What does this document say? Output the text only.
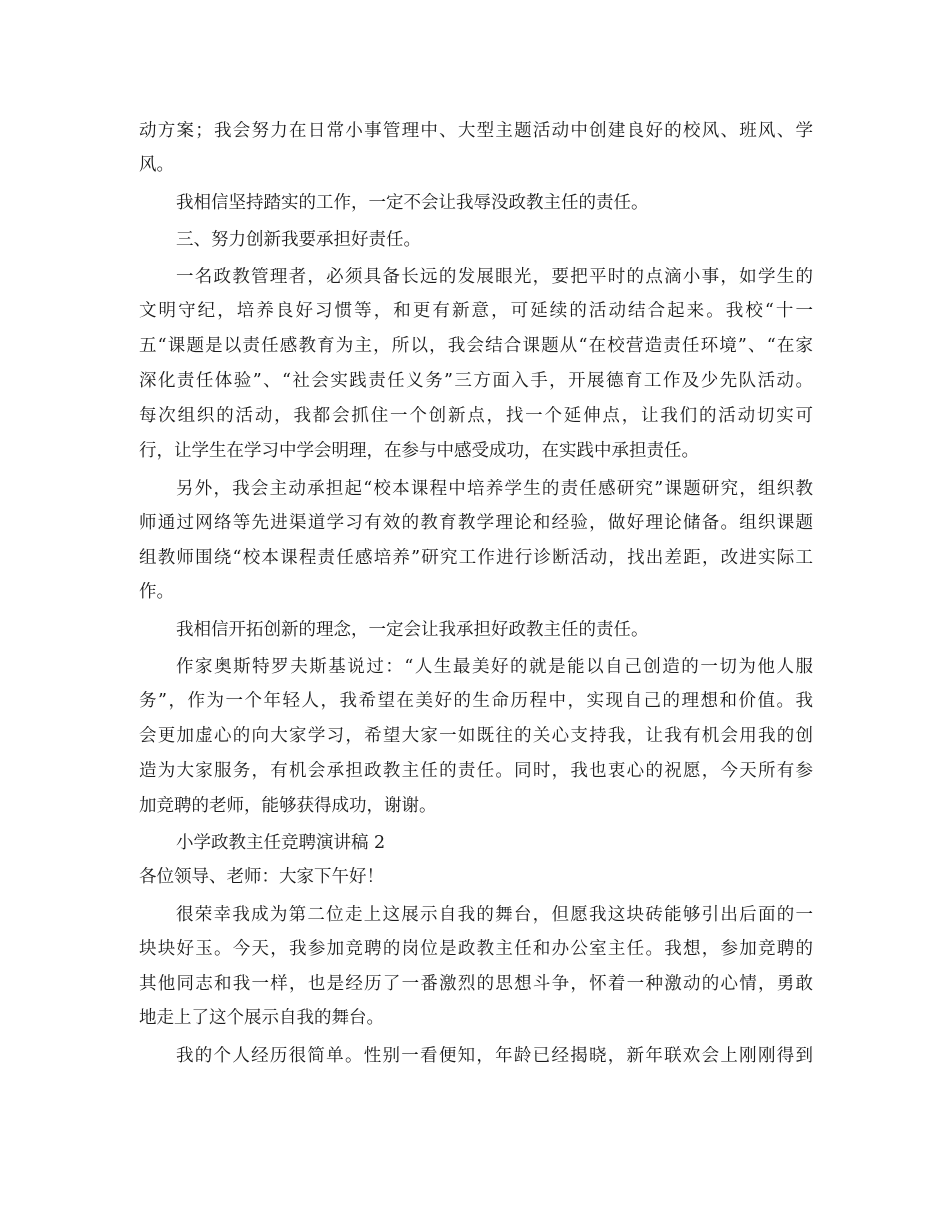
动方案；我会努力在日常小事管理中、大型主题活动中创建良好的校风、班风、学
风。
我相信坚持踏实的工作，一定不会让我辱没政教主任的责任。
三、努力创新我要承担好责任。
一名政教管理者，必须具备长远的发展眼光，要把平时的点滴小事，如学生的
文明守纪，培养良好习惯等，和更有新意，可延续的活动结合起来。我校“十一
五“课题是以责任感教育为主，所以，我会结合课题从“在校营造责任环境”、“在家
深化责任体验”、“社会实践责任义务”三方面入手，开展德育工作及少先队活动。
每次组织的活动，我都会抓住一个创新点，找一个延伸点，让我们的活动切实可
行，让学生在学习中学会明理，在参与中感受成功，在实践中承担责任。
另外，我会主动承担起“校本课程中培养学生的责任感研究”课题研究，组织教
师通过网络等先进渠道学习有效的教育教学理论和经验，做好理论储备。组织课题
组教师围绕“校本课程责任感培养”研究工作进行诊断活动，找出差距，改进实际工
作。
我相信开拓创新的理念，一定会让我承担好政教主任的责任。
作家奥斯特罗夫斯基说过：“人生最美好的就是能以自己创造的一切为他人服
务”，作为一个年轻人，我希望在美好的生命历程中，实现自己的理想和价值。我
会更加虚心的向大家学习，希望大家一如既往的关心支持我，让我有机会用我的创
造为大家服务，有机会承担政教主任的责任。同时，我也衷心的祝愿，今天所有参
加竞聘的老师，能够获得成功，谢谢。
小学政教主任竞聘演讲稿 2
各位领导、老师：大家下午好！
很荣幸我成为第二位走上这展示自我的舞台，但愿我这块砖能够引出后面的一
块块好玉。今天，我参加竞聘的岗位是政教主任和办公室主任。我想，参加竞聘的
其他同志和我一样，也是经历了一番激烈的思想斗争，怀着一种激动的心情，勇敢
地走上了这个展示自我的舞台。
我的个人经历很简单。性别一看便知，年龄已经揭晓，新年联欢会上刚刚得到
